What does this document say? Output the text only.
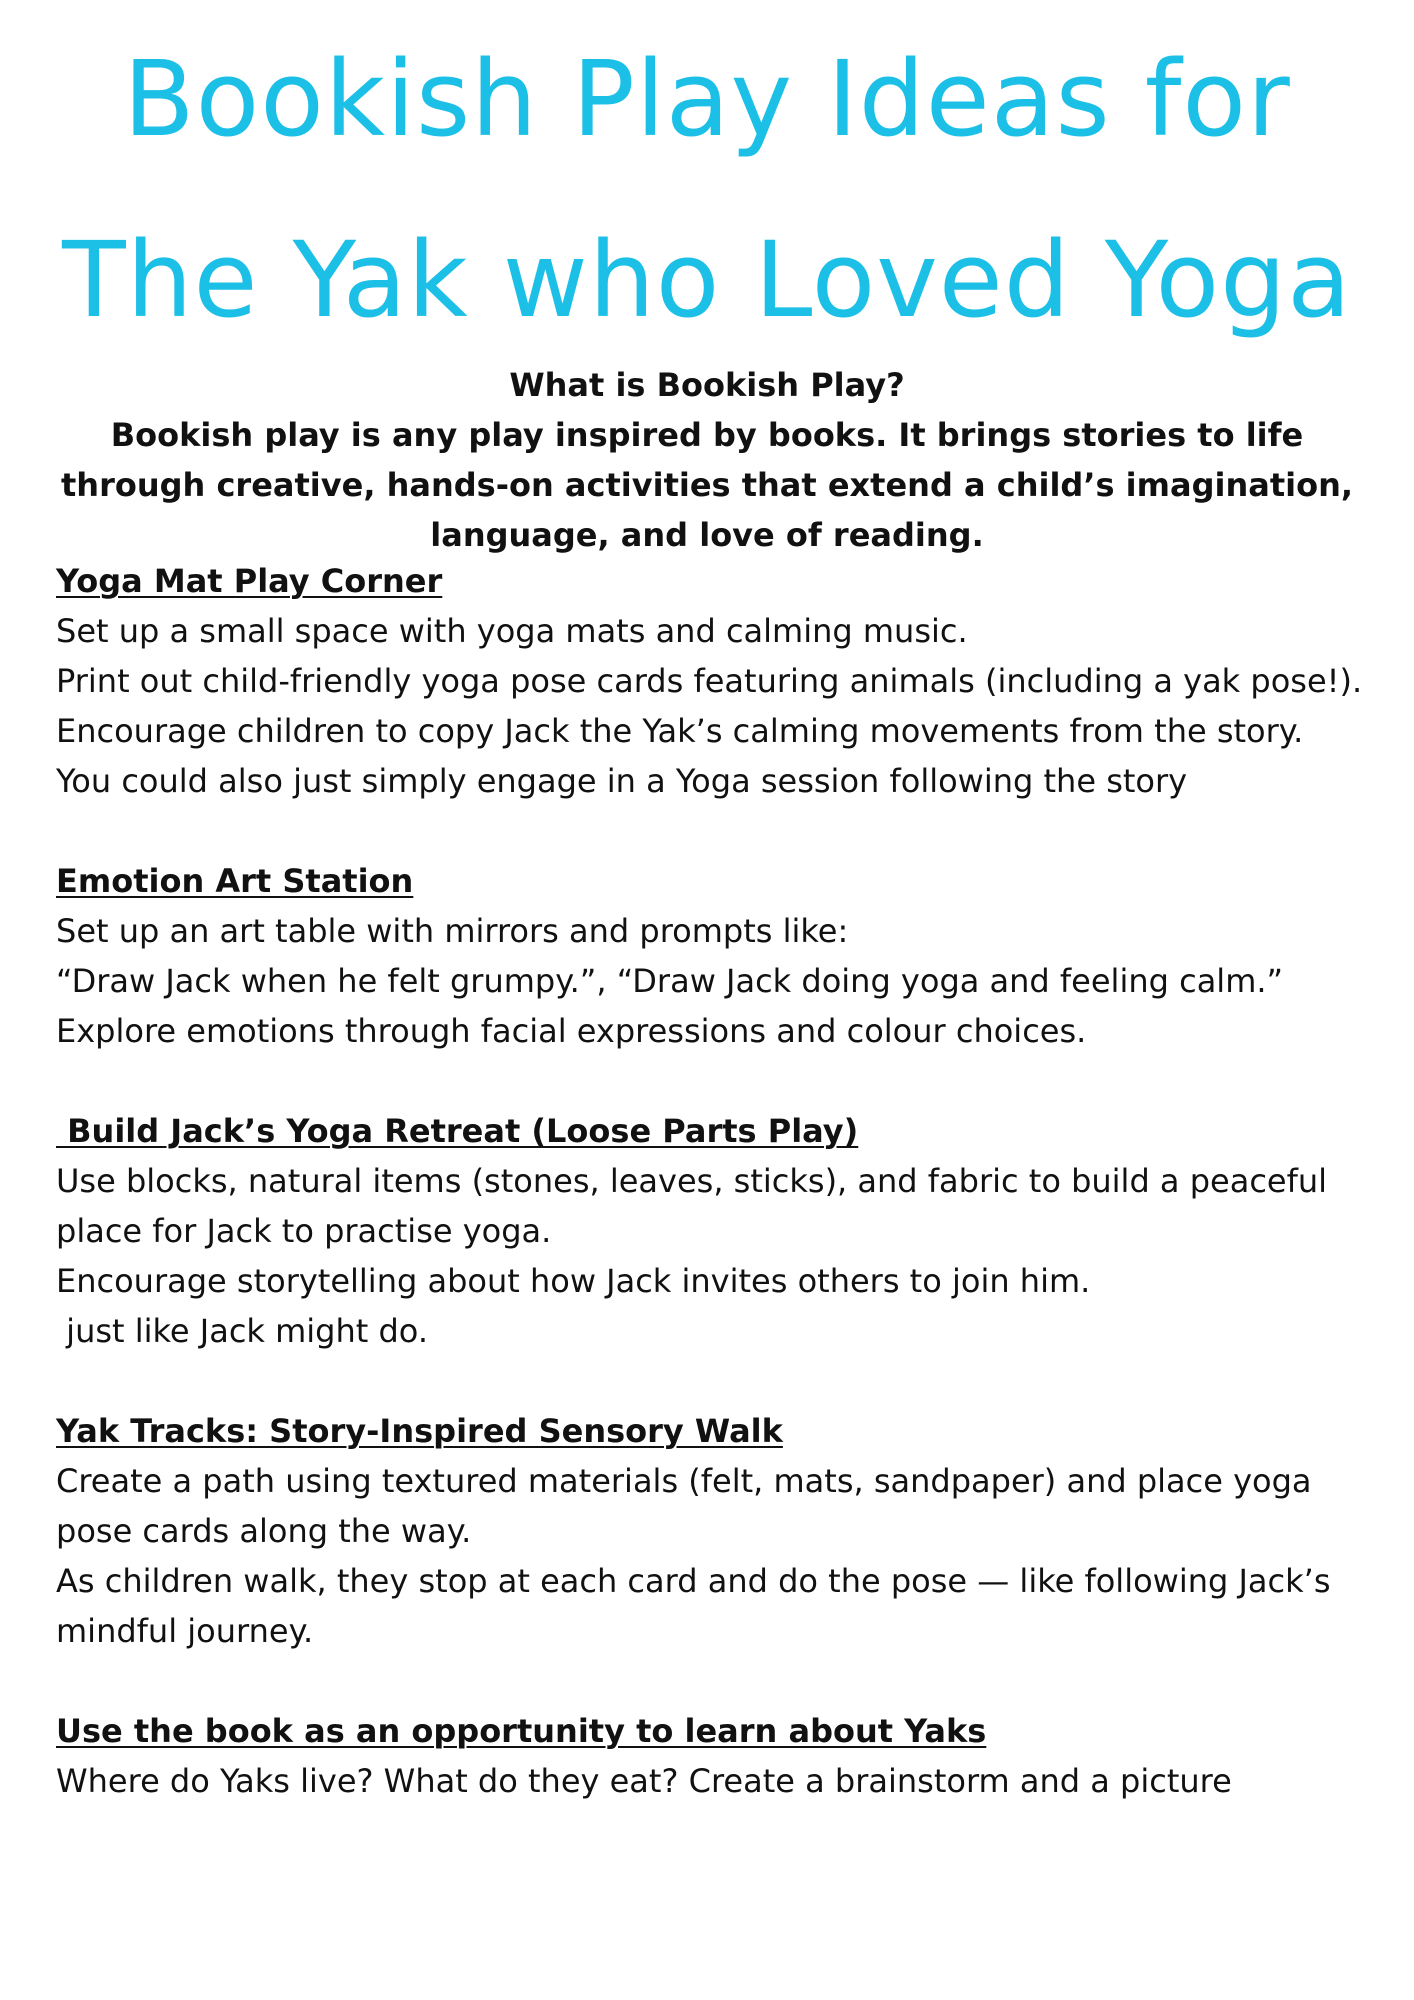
Bookish Play Ideas for
The Yak who Loved Yoga

What is Bookish Play?

Bookish play is any play inspired by books. It brings stories to life through creative, hands-on activities that extend a child’s imagination, language, and love of reading.

Yoga Mat Play Corner

Set up a small space with yoga mats and calming music.

Print out child-friendly yoga pose cards featuring animals (including a yak pose!).

Encourage children to copy Jack the Yak’s calming movements from the story.

You could also just simply engage in a Yoga session following the story

Emotion Art Station

Set up an art table with mirrors and prompts like:

“Draw Jack when he felt grumpy.”, “Draw Jack doing yoga and feeling calm.”

Explore emotions through facial expressions and colour choices.

Build Jack’s Yoga Retreat (Loose Parts Play)

Use blocks, natural items (stones, leaves, sticks), and fabric to build a peaceful place for Jack to practise yoga.

Encourage storytelling about how Jack invites others to join him.

just like Jack might do.

Yak Tracks: Story-Inspired Sensory Walk

Create a path using textured materials (felt, mats, sandpaper) and place yoga pose cards along the way.

As children walk, they stop at each card and do the pose — like following Jack’s mindful journey.

Use the book as an opportunity to learn about Yaks

Where do Yaks live? What do they eat? Create a brainstorm and a picture
